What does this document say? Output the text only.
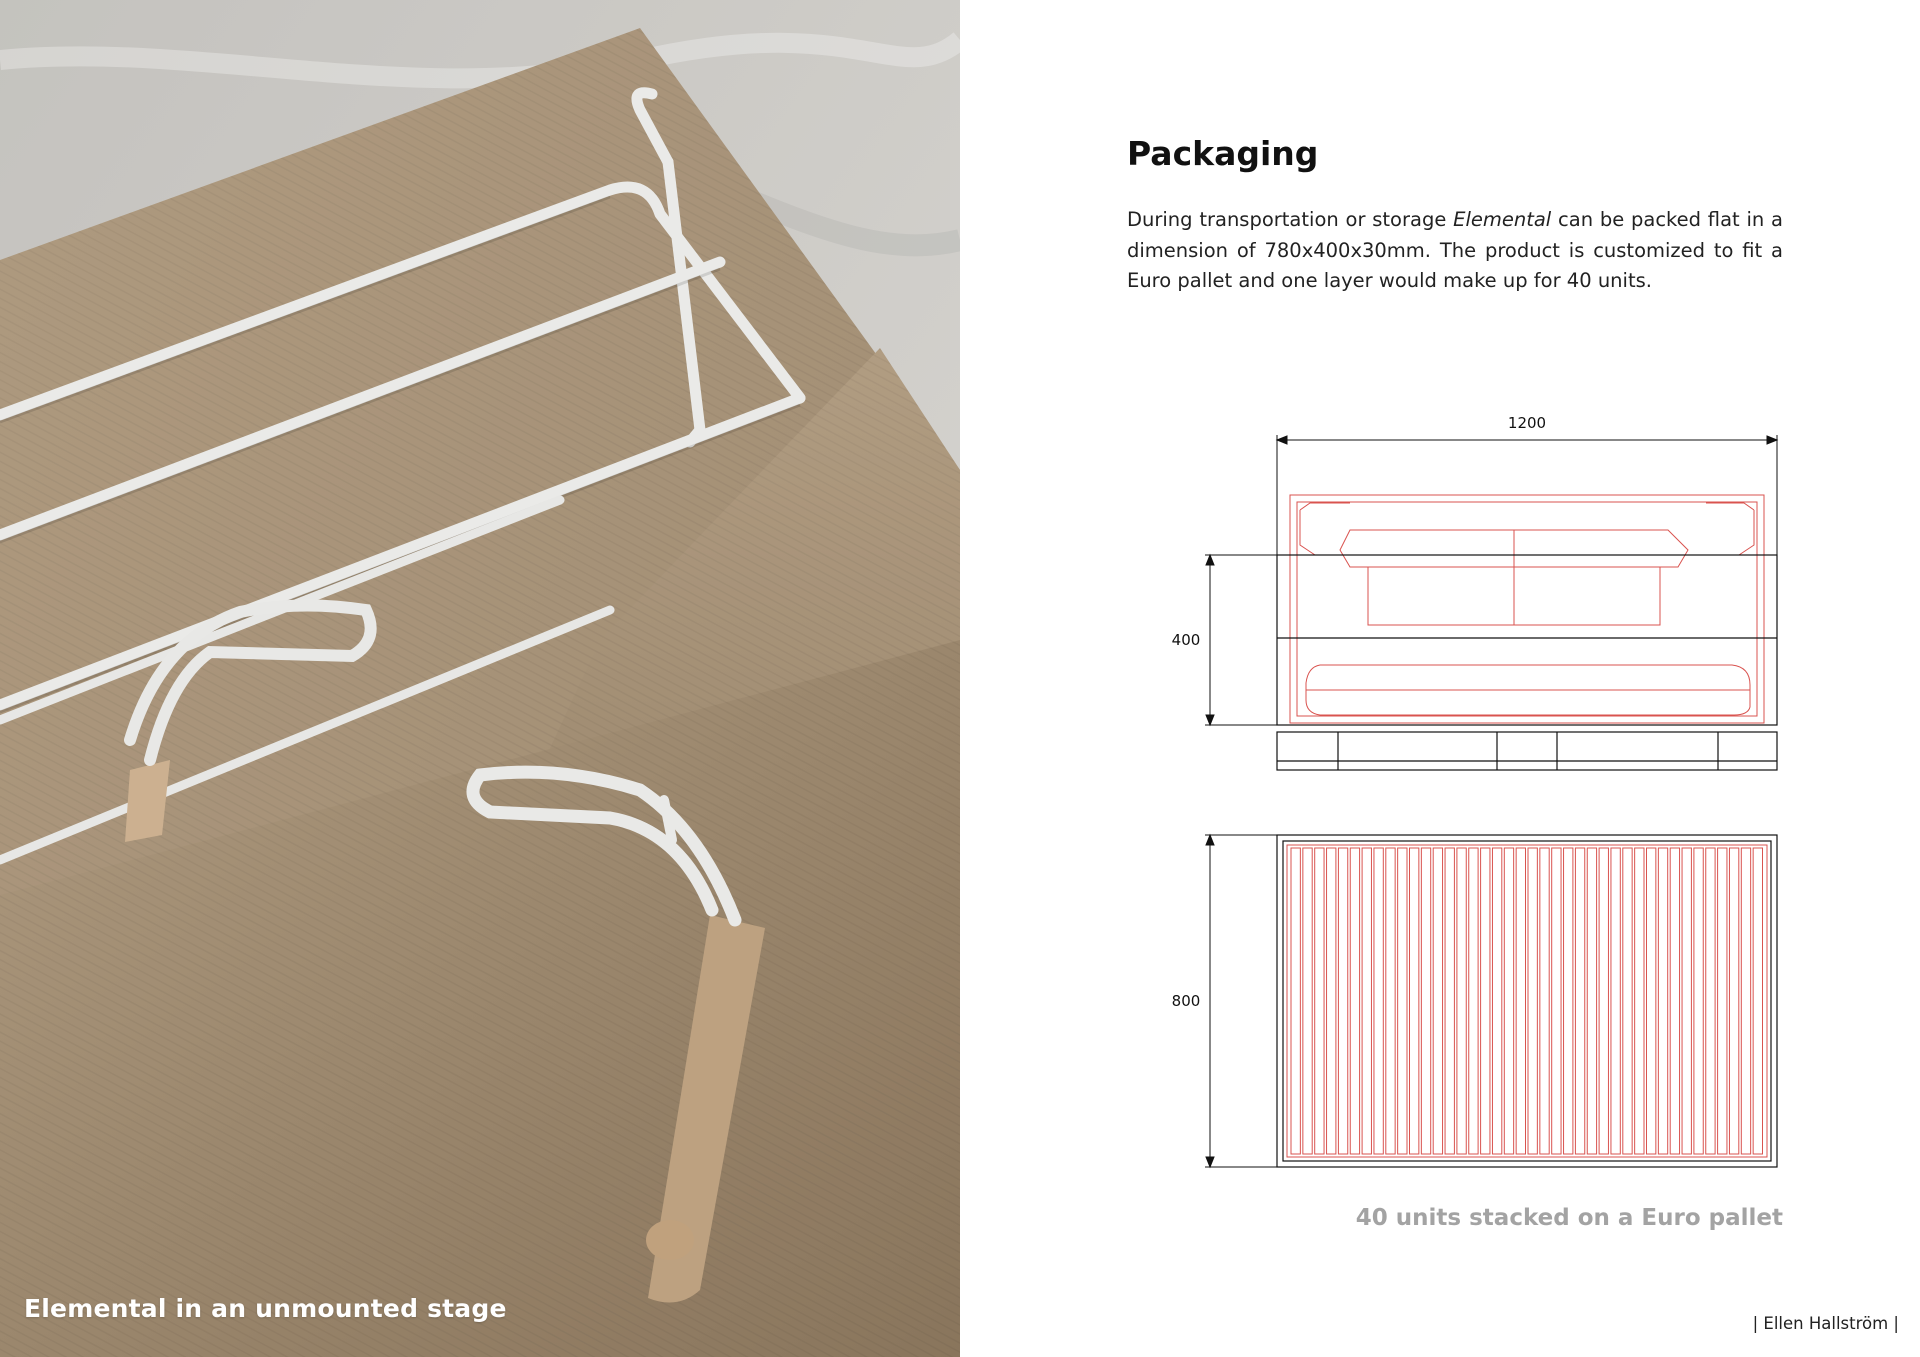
Elemental in an unmounted stage
Packaging

During transportation or storage Elemental can be packed flat in a dimension of 780x400x30mm. The product is customized to fit a Euro pallet and one layer would make up for 40 units.

1200
400
800
40 units stacked on a Euro pallet
| Ellen Hallström |
